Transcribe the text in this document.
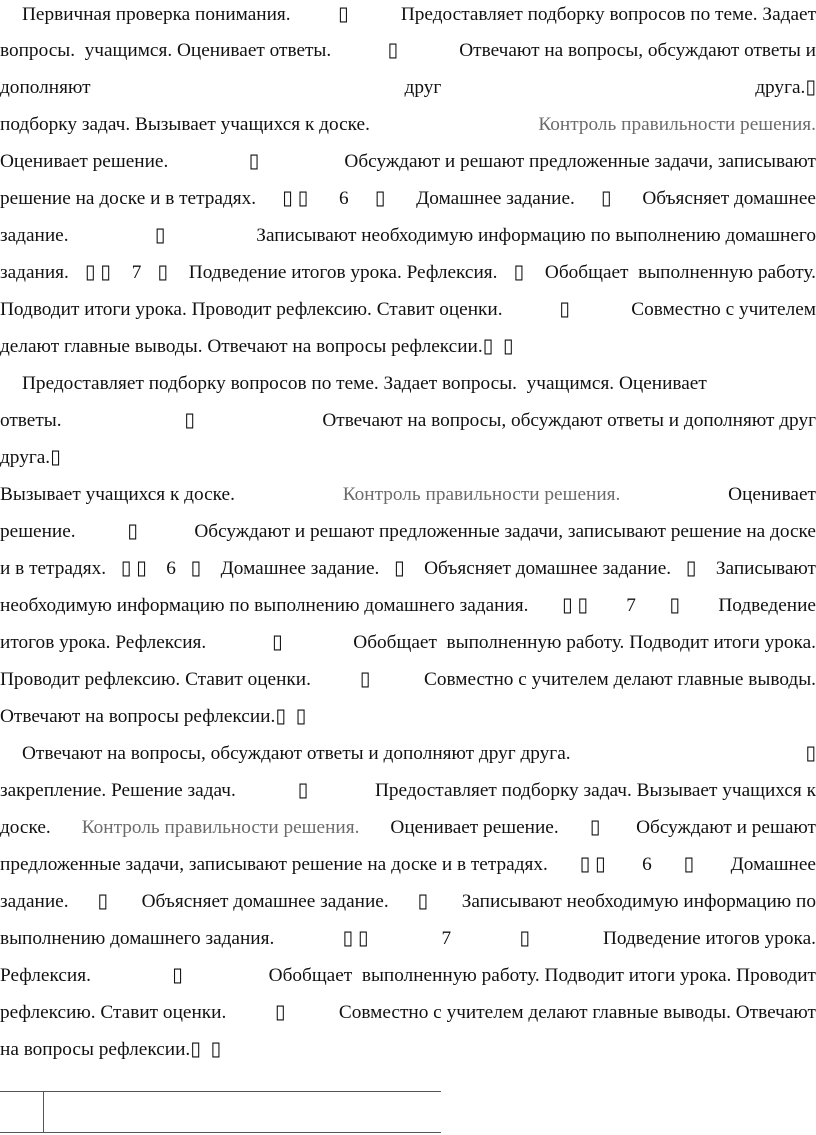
Первичная проверка понимания. ▯ Предоставляет подборку вопросов по теме. Задает
вопросы.  учащимся. Оценивает ответы.	▯	Отвечают на вопросы, обсуждают ответы и
дополняют	друг	друга.▯
подборку задач. Вызывает учащихся к доске.	Контроль правильности решения.
Оценивает решение.	▯	Обсуждают и решают предложенные задачи, записывают
решение на доске и в тетрадях. ▯ ▯ 6 ▯ Домашнее задание. ▯ Объясняет домашнее
задание.	▯	Записывают необходимую информацию по выполнению домашнего
задания. ▯ ▯ 7 ▯ Подведение итогов урока. Рефлексия. ▯ Обобщает  выполненную работу.
Подводит итоги урока. Проводит рефлексию. Ставит оценки.	▯	Совместно с учителем
делают главные выводы. Отвечают на вопросы рефлексии. ▯  ▯
Предоставляет подборку вопросов по теме. Задает вопросы.  учащимся. Оценивает
ответы.	▯	Отвечают на вопросы, обсуждают ответы и дополняют друг
друга. ▯
Вызывает учащихся к доске.	Контроль правильности решения.	Оценивает
решение.	▯	Обсуждают и решают предложенные задачи, записывают решение на доске
и в тетрадях. ▯ ▯ 6 ▯ Домашнее задание. ▯ Объясняет домашнее задание. ▯ Записывают
необходимую информацию по выполнению домашнего задания. ▯ ▯ 7 ▯ Подведение
итогов урока. Рефлексия.	▯	Обобщает  выполненную работу. Подводит итоги урока.
Проводит рефлексию. Ставит оценки.	▯	Совместно с учителем делают главные выводы.
Отвечают на вопросы рефлексии. ▯  ▯
Отвечают на вопросы, обсуждают ответы и дополняют друг друга.	▯
закрепление. Решение задач.	▯	Предоставляет подборку задач. Вызывает учащихся к
доске. Контроль правильности решения. Оценивает решение. ▯ Обсуждают и решают
предложенные задачи, записывают решение на доске и в тетрадях. ▯ ▯ 6 ▯ Домашнее
задание. ▯ Объясняет домашнее задание. ▯ Записывают необходимую информацию по
выполнению домашнего задания.	▯ ▯	7	▯	Подведение итогов урока.
Рефлексия.	▯	Обобщает  выполненную работу. Подводит итоги урока. Проводит
рефлексию. Ставит оценки.	▯	Совместно с учителем делают главные выводы. Отвечают
на вопросы рефлексии. ▯  ▯
